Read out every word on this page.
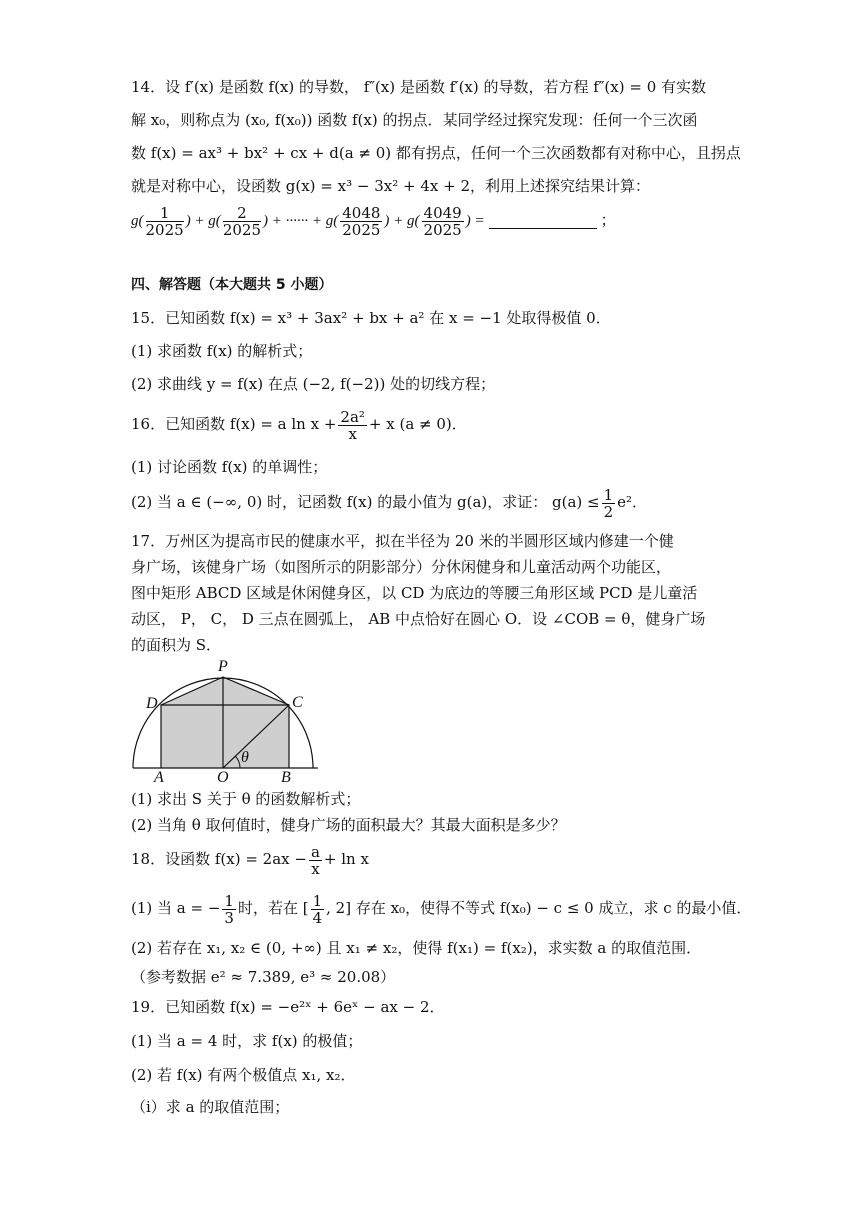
14．设 f′(x) 是函数 f(x) 的导数， f″(x) 是函数 f′(x) 的导数，若方程 f″(x) = 0 有实数
解 x₀，则称点为 (x₀, f(x₀)) 函数 f(x) 的拐点．某同学经过探究发现：任何一个三次函
数 f(x) = ax³ + bx² + cx + d(a ≠ 0) 都有拐点，任何一个三次函数都有对称中心，且拐点
就是对称中心，设函数 g(x) = x³ − 3x² + 4x + 2，利用上述探究结果计算：
$g( \frac{1}{2025}$ ) + $g( \frac{2}{2025}$ ) + ······ + $g( \frac{4048}{2025}$ ) + $g( \frac{4049}{2025}$ ) =	；
四、解答题（本大题共 5 小题）
15．已知函数 f(x) = x³ + 3ax² + bx + a² 在 x = −1 处取得极值 0．
(1) 求函数 f(x) 的解析式；
(2) 求曲线 y = f(x) 在点 (−2, f(−2)) 处的切线方程；
16．已知函数 f(x) = a $\ln x + \frac{\text{2a²}}{x} + x$ (a ≠ 0)．
(1) 讨论函数 f(x) 的单调性；
(2) 当 a ∈ (−∞, 0) 时，记函数 f(x) 的最小值为 g(a)，求证： $g(a) \le \frac{1}{2} e^2$．
17．万州区为提高市民的健康水平，拟在半径为 20 米的半圆形区域内修建一个健
身广场，该健身广场（如图所示的阴影部分）分休闲健身和儿童活动两个功能区，
图中矩形 ABCD 区域是休闲健身区，以 CD 为底边的等腰三角形区域 PCD 是儿童活
动区， P， C， D 三点在圆弧上， AB 中点恰好在圆心 O．设 ∠COB = θ，健身广场
的面积为 S．
P
D	C
A	O	B
θ
(1) 求出 S 关于 θ 的函数解析式；
(2) 当角 θ 取何值时，健身广场的面积最大？其最大面积是多少？
18．设函数 $f(x) = 2ax - \frac{a}{x} + \ln x$
(1) 当 a = − $\frac{1}{3}$ 时，若在 [ $\frac{1}{4}$ , 2] 存在 x₀，使得不等式 f(x₀) − c ≤ 0 成立，求 c 的最小值．
(2) 若存在 x₁, x₂ ∈ (0, +∞) 且 x₁ ≠ x₂，使得 f(x₁) = f(x₂)，求实数 a 的取值范围．
（参考数据 e² ≈ 7.389, e³ ≈ 20.08）
19．已知函数 f(x) = −e²ˣ + 6eˣ − ax − 2．
(1) 当 a = 4 时，求 f(x) 的极值；
(2) 若 f(x) 有两个极值点 x₁, x₂．
（i）求 a 的取值范围；
